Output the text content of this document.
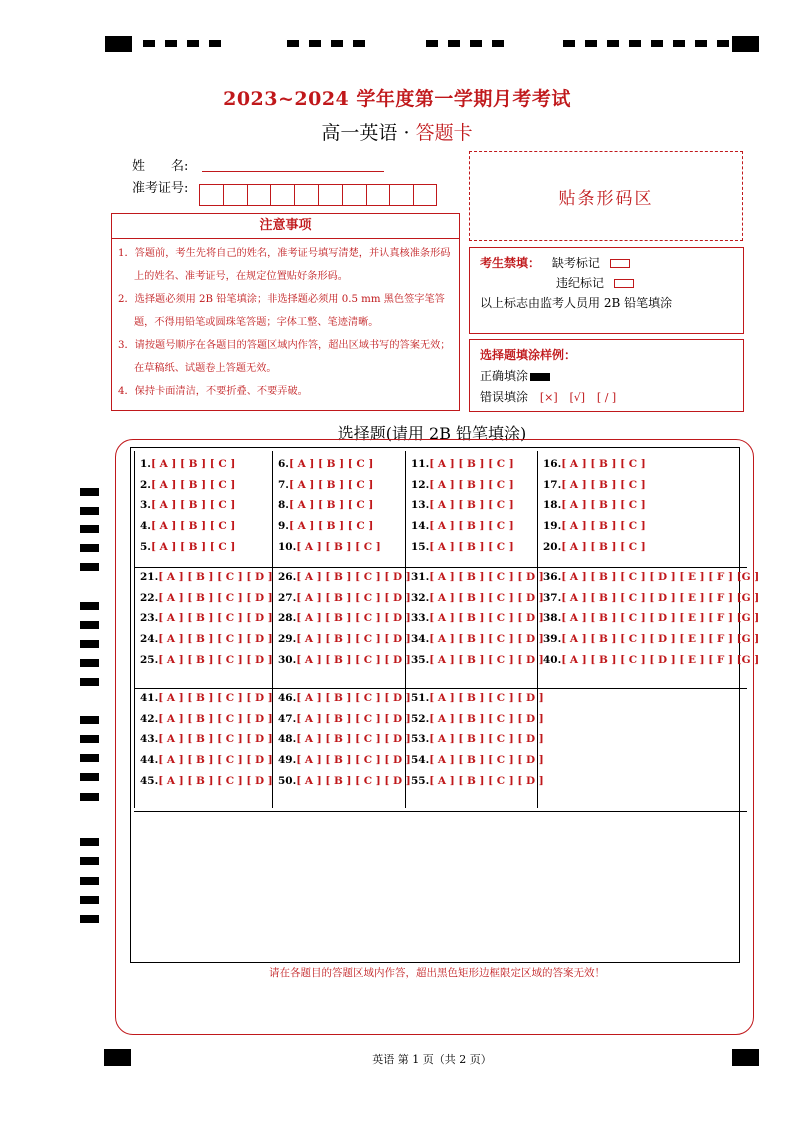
2023~2024 学年度第一学期月考考试
高一英语 · 答题卡
姓　　名:
准考证号:	贴条形码区
注意事项
1．答题前，考生先将自己的姓名，准考证号填写清楚，并认真核准条形码上的姓名、准考证号，在规定位置贴好条形码。
2．选择题必须用 2B 铅笔填涂；非选择题必须用 0.5 mm 黑色签字笔答题，不得用铅笔或圆珠笔答题；字体工整、笔迹清晰。
3．请按题号顺序在各题目的答题区域内作答，超出区域书写的答案无效；在草稿纸、试题卷上答题无效。
4．保持卡面清洁，不要折叠、不要弄破。
考生禁填： 缺考标记
违纪标记
以上标志由监考人员用 2B 铅笔填涂
选择题填涂样例：
正确填涂
错误填涂 [×] [√] [ / ]
选择题(请用 2B 铅笔填涂)
1.[ A ] [ B ] [ C ]
2.[ A ] [ B ] [ C ]
3.[ A ] [ B ] [ C ]
4.[ A ] [ B ] [ C ]
5.[ A ] [ B ] [ C ]
6.[ A ] [ B ] [ C ]
7.[ A ] [ B ] [ C ]
8.[ A ] [ B ] [ C ]
9.[ A ] [ B ] [ C ]
10.[ A ] [ B ] [ C ]
11.[ A ] [ B ] [ C ]
12.[ A ] [ B ] [ C ]
13.[ A ] [ B ] [ C ]
14.[ A ] [ B ] [ C ]
15.[ A ] [ B ] [ C ]
16.[ A ] [ B ] [ C ]
17.[ A ] [ B ] [ C ]
18.[ A ] [ B ] [ C ]
19.[ A ] [ B ] [ C ]
20.[ A ] [ B ] [ C ]
21.[ A ] [ B ] [ C ] [ D ]
22.[ A ] [ B ] [ C ] [ D ]
23.[ A ] [ B ] [ C ] [ D ]
24.[ A ] [ B ] [ C ] [ D ]
25.[ A ] [ B ] [ C ] [ D ]
26.[ A ] [ B ] [ C ] [ D ]
27.[ A ] [ B ] [ C ] [ D ]
28.[ A ] [ B ] [ C ] [ D ]
29.[ A ] [ B ] [ C ] [ D ]
30.[ A ] [ B ] [ C ] [ D ]
31.[ A ] [ B ] [ C ] [ D ]
32.[ A ] [ B ] [ C ] [ D ]
33.[ A ] [ B ] [ C ] [ D ]
34.[ A ] [ B ] [ C ] [ D ]
35.[ A ] [ B ] [ C ] [ D ]
36.[ A ] [ B ] [ C ] [ D ] [ E ] [ F ] [G ]
37.[ A ] [ B ] [ C ] [ D ] [ E ] [ F ] [G ]
38.[ A ] [ B ] [ C ] [ D ] [ E ] [ F ] [G ]
39.[ A ] [ B ] [ C ] [ D ] [ E ] [ F ] [G ]
40.[ A ] [ B ] [ C ] [ D ] [ E ] [ F ] [G ]
41.[ A ] [ B ] [ C ] [ D ]
42.[ A ] [ B ] [ C ] [ D ]
43.[ A ] [ B ] [ C ] [ D ]
44.[ A ] [ B ] [ C ] [ D ]
45.[ A ] [ B ] [ C ] [ D ]
46.[ A ] [ B ] [ C ] [ D ]
47.[ A ] [ B ] [ C ] [ D ]
48.[ A ] [ B ] [ C ] [ D ]
49.[ A ] [ B ] [ C ] [ D ]
50.[ A ] [ B ] [ C ] [ D ]
51.[ A ] [ B ] [ C ] [ D ]
52.[ A ] [ B ] [ C ] [ D ]
53.[ A ] [ B ] [ C ] [ D ]
54.[ A ] [ B ] [ C ] [ D ]
55.[ A ] [ B ] [ C ] [ D ]
请在各题目的答题区域内作答，超出黑色矩形边框限定区域的答案无效！
英语 第 1 页（共 2 页）
